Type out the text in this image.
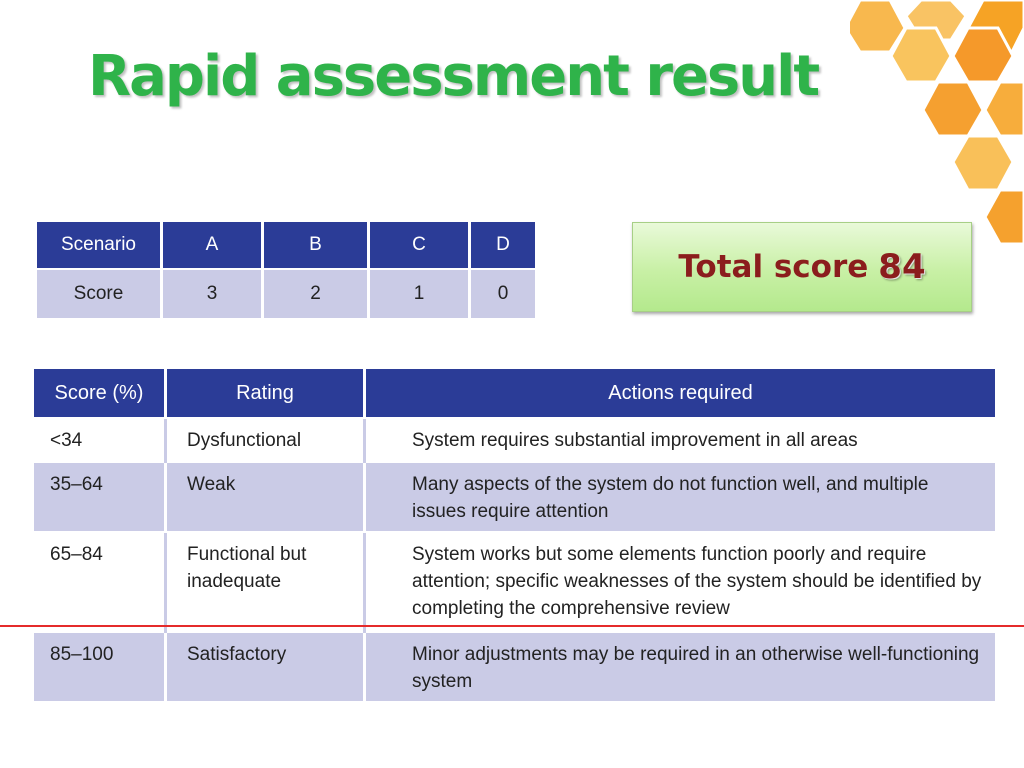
Rapid assessment result
Scenario	A	B	C	D
Score	3	2	1	0
Total score 84
Score (%)	Rating	Actions required
<34	Dysfunctional	System requires substantial improvement in all areas
35–64	Weak	Many aspects of the system do not function well, and multiple issues require attention
65–84	Functional but inadequate	System works but some elements function poorly and require attention; specific weaknesses of the system should be identified by completing the comprehensive review
85–100	Satisfactory	Minor adjustments may be required in an otherwise well-functioning system
